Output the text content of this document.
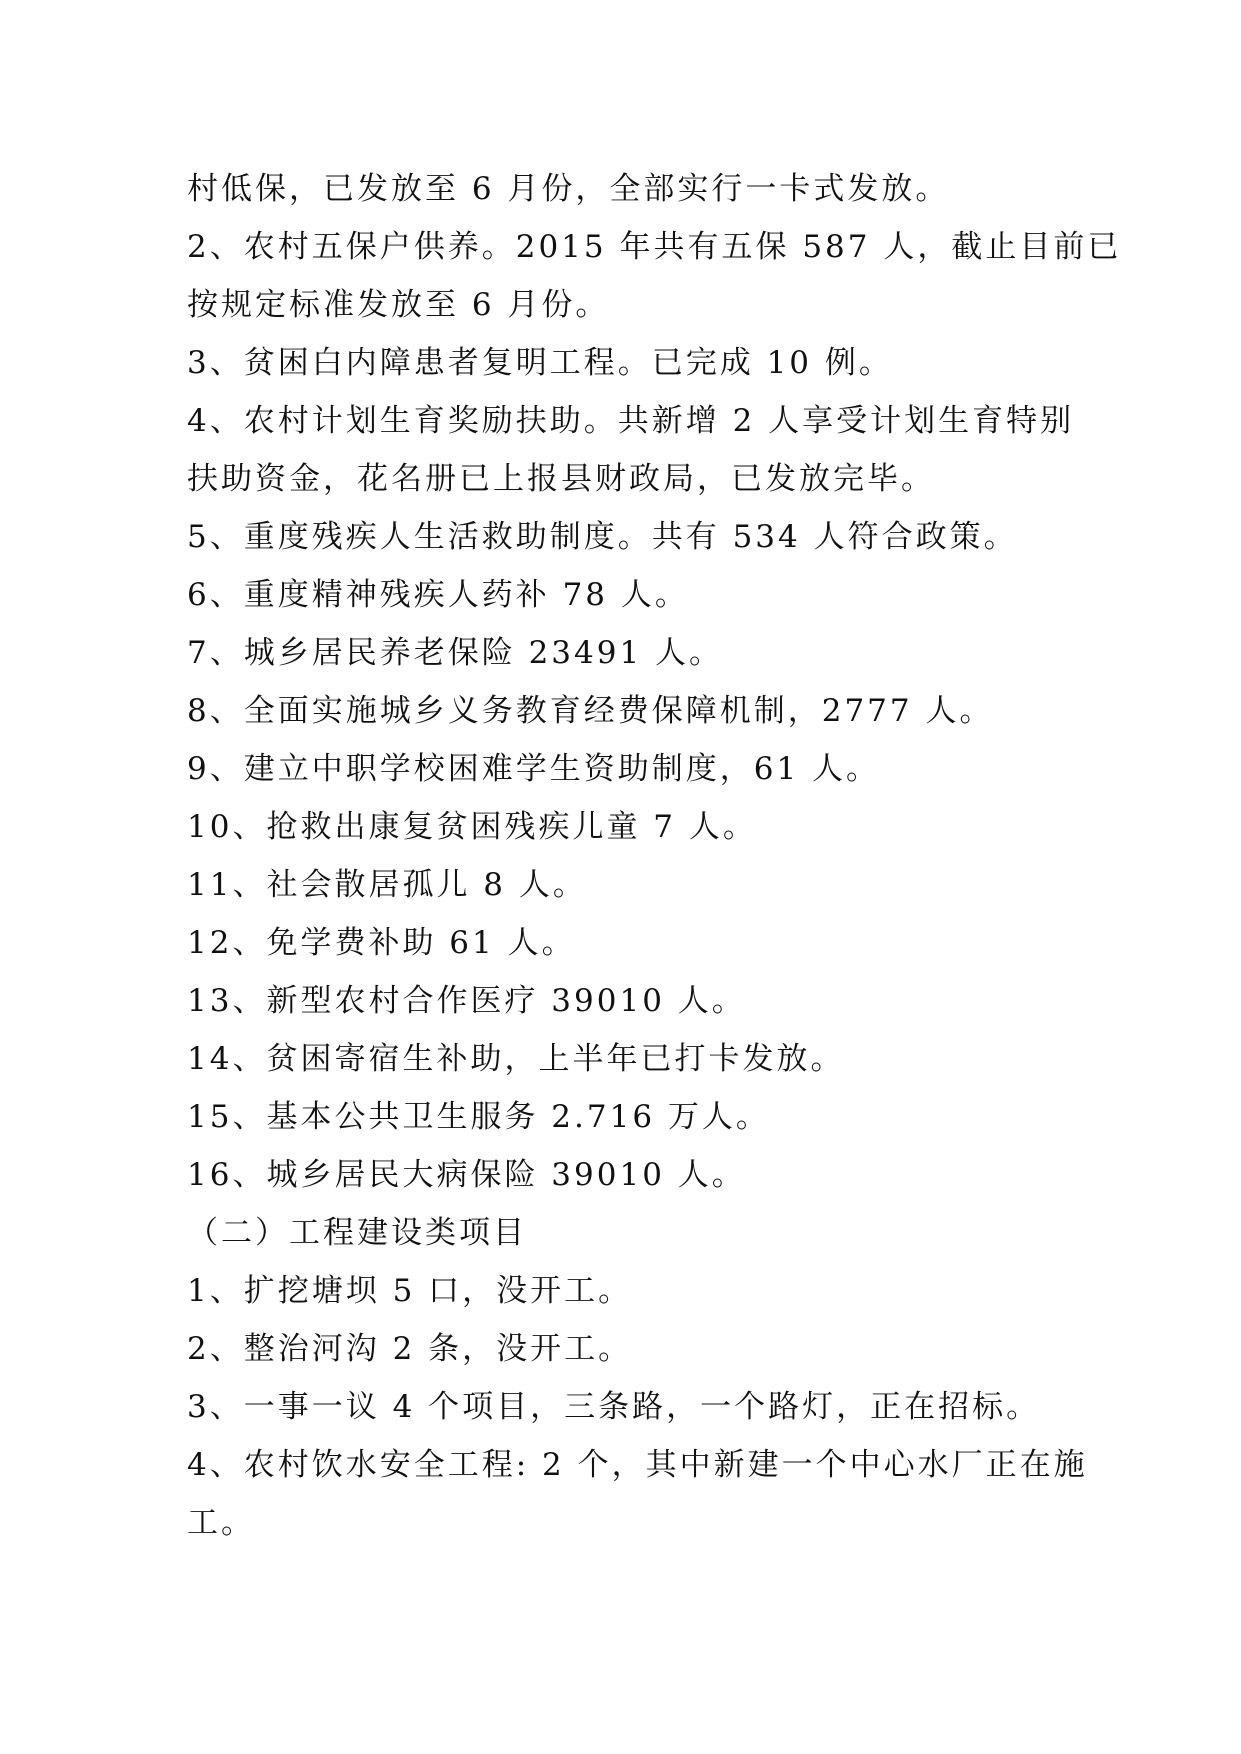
村低保，已发放至 6 月份，全部实行一卡式发放。
2、农村五保户供养。2015 年共有五保 587 人，截止目前已
按规定标准发放至 6 月份。
3、贫困白内障患者复明工程。已完成 10 例。
4、农村计划生育奖励扶助。共新增 2 人享受计划生育特别
扶助资金，花名册已上报县财政局，已发放完毕。
5、重度残疾人生活救助制度。共有 534 人符合政策。
6、重度精神残疾人药补 78 人。
7、城乡居民养老保险 23491 人。
8、全面实施城乡义务教育经费保障机制，2777 人。
9、建立中职学校困难学生资助制度，61 人。
10、抢救出康复贫困残疾儿童 7 人。
11、社会散居孤儿 8 人。
12、免学费补助 61 人。
13、新型农村合作医疗 39010 人。
14、贫困寄宿生补助，上半年已打卡发放。
15、基本公共卫生服务 2.716 万人。
16、城乡居民大病保险 39010 人。
（二）工程建设类项目
1、扩挖塘坝 5 口，没开工。
2、整治河沟 2 条，没开工。
3、一事一议 4 个项目，三条路，一个路灯，正在招标。
4、农村饮水安全工程: 2 个，其中新建一个中心水厂正在施
工。
